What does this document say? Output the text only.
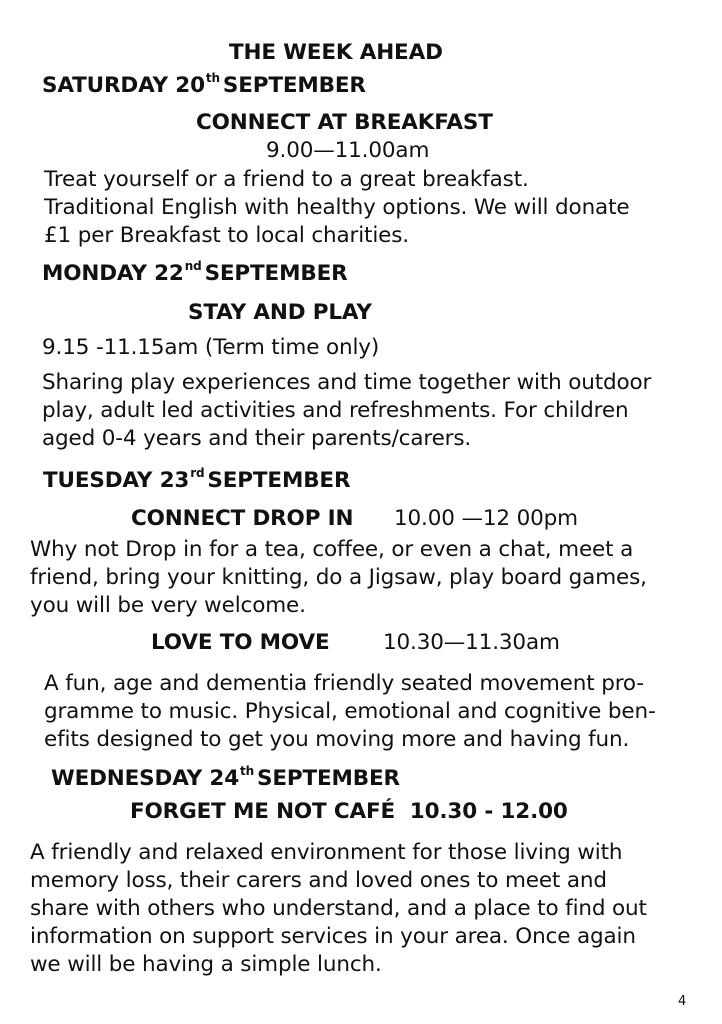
THE WEEK AHEAD
SATURDAY 20th SEPTEMBER
CONNECT AT BREAKFAST
9.00—11.00am
Treat yourself or a friend to a great breakfast.
Traditional English with healthy options. We will donate
£1 per Breakfast to local charities.
MONDAY 22nd SEPTEMBER
STAY AND PLAY
9.15 -11.15am (Term time only)
Sharing play experiences and time together with outdoor
play, adult led activities and refreshments. For children
aged 0-4 years and their parents/carers.
TUESDAY 23rd SEPTEMBER
CONNECT DROP IN 10.00 —12 00pm
Why not Drop in for a tea, coffee, or even a chat, meet a
friend, bring your knitting, do a Jigsaw, play board games,
you will be very welcome.
LOVE TO MOVE 10.30—11.30am
A fun, age and dementia friendly seated movement pro-
gramme to music. Physical, emotional and cognitive ben-
efits designed to get you moving more and having fun.
WEDNESDAY 24th SEPTEMBER
FORGET ME NOT CAFÉ 10.30 - 12.00
A friendly and relaxed environment for those living with
memory loss, their carers and loved ones to meet and
share with others who understand, and a place to find out
information on support services in your area. Once again
we will be having a simple lunch.
4
